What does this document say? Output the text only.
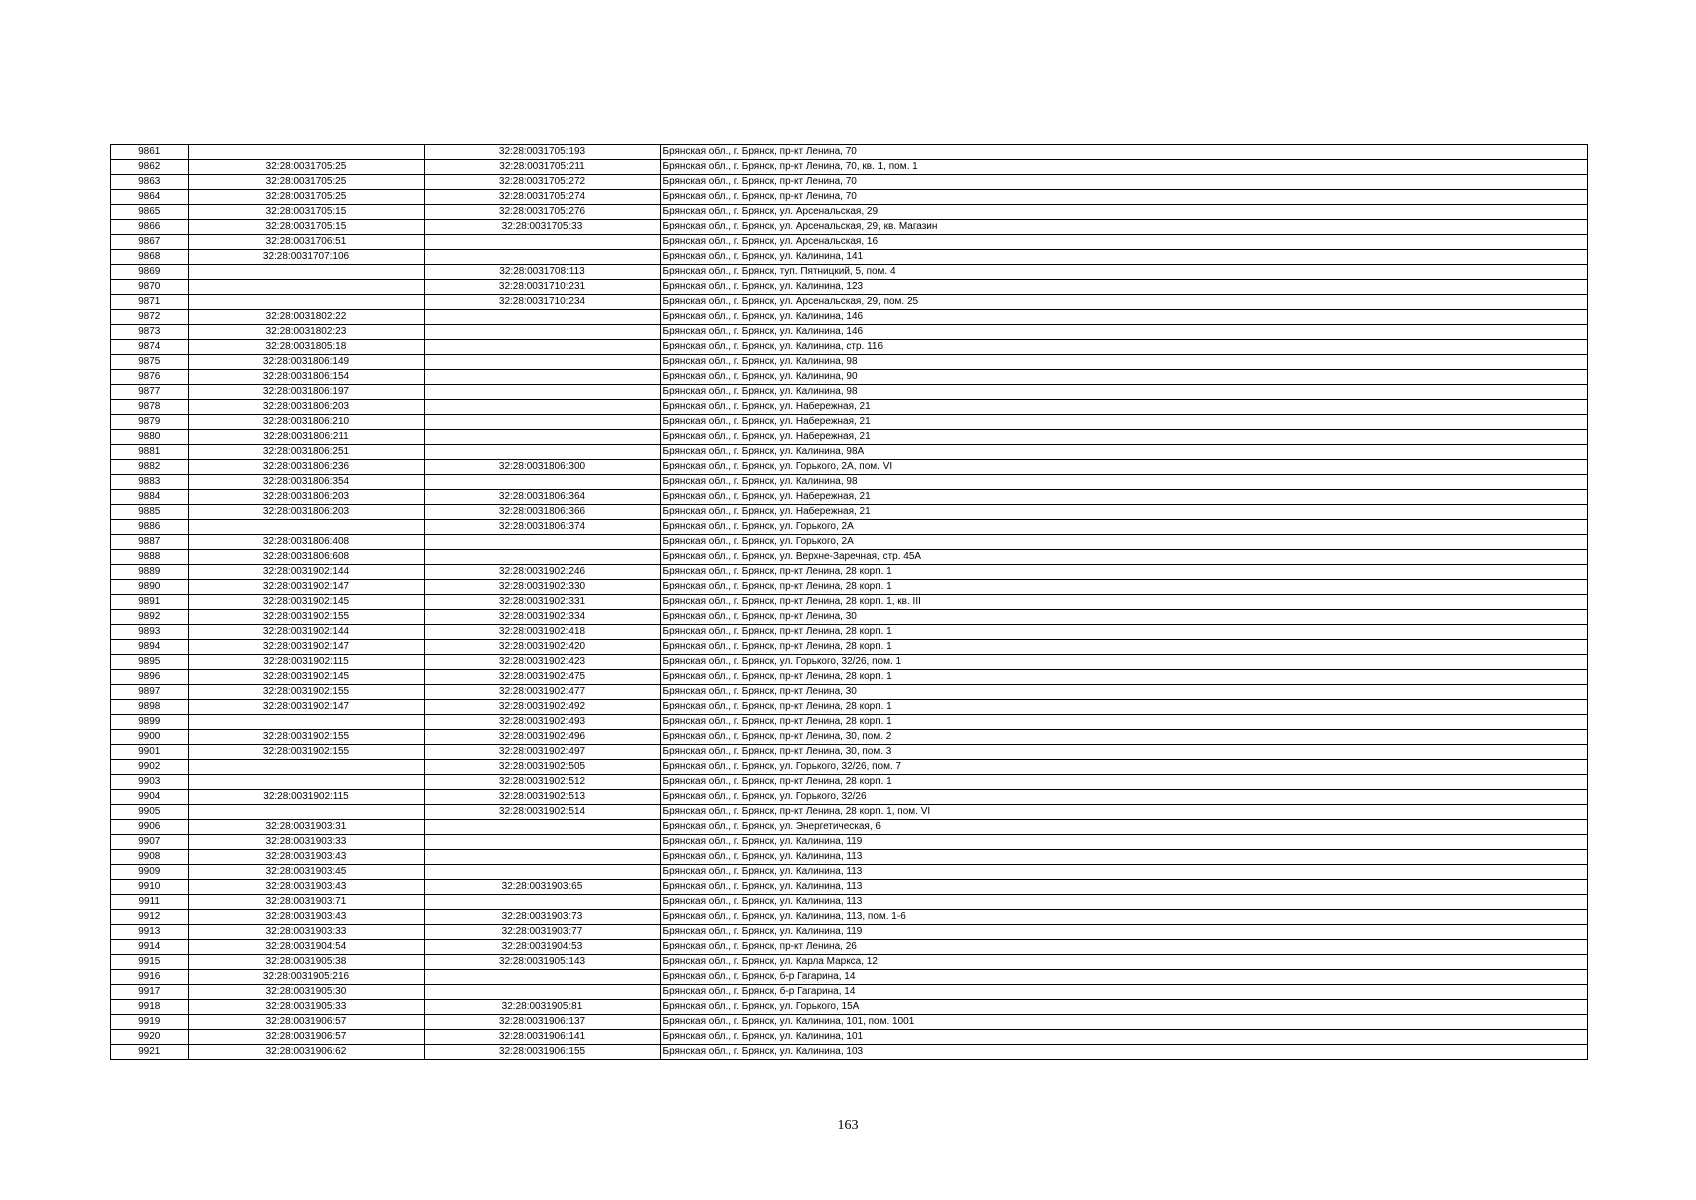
9861		32:28:0031705:193	Брянская обл., г. Брянск, пр-кт Ленина, 70
9862	32:28:0031705:25	32:28:0031705:211	Брянская обл., г. Брянск, пр-кт Ленина, 70, кв. 1, пом. 1
9863	32:28:0031705:25	32:28:0031705:272	Брянская обл., г. Брянск, пр-кт Ленина, 70
9864	32:28:0031705:25	32:28:0031705:274	Брянская обл., г. Брянск, пр-кт Ленина, 70
9865	32:28:0031705:15	32:28:0031705:276	Брянская обл., г. Брянск, ул. Арсенальская, 29
9866	32:28:0031705:15	32:28:0031705:33	Брянская обл., г. Брянск, ул. Арсенальская, 29, кв. Магазин
9867	32:28:0031706:51		Брянская обл., г. Брянск, ул. Арсенальская, 16
9868	32:28:0031707:106		Брянская обл., г. Брянск, ул. Калинина, 141
9869		32:28:0031708:113	Брянская обл., г. Брянск, туп. Пятницкий, 5, пом. 4
9870		32:28:0031710:231	Брянская обл., г. Брянск, ул. Калинина, 123
9871		32:28:0031710:234	Брянская обл., г. Брянск, ул. Арсенальская, 29, пом. 25
9872	32:28:0031802:22		Брянская обл., г. Брянск, ул. Калинина, 146
9873	32:28:0031802:23		Брянская обл., г. Брянск, ул. Калинина, 146
9874	32:28:0031805:18		Брянская обл., г. Брянск, ул. Калинина, стр. 116
9875	32:28:0031806:149		Брянская обл., г. Брянск, ул. Калинина, 98
9876	32:28:0031806:154		Брянская обл., г. Брянск, ул. Калинина, 90
9877	32:28:0031806:197		Брянская обл., г. Брянск, ул. Калинина, 98
9878	32:28:0031806:203		Брянская обл., г. Брянск, ул. Набережная, 21
9879	32:28:0031806:210		Брянская обл., г. Брянск, ул. Набережная, 21
9880	32:28:0031806:211		Брянская обл., г. Брянск, ул. Набережная, 21
9881	32:28:0031806:251		Брянская обл., г. Брянск, ул. Калинина, 98А
9882	32:28:0031806:236	32:28:0031806:300	Брянская обл., г. Брянск, ул. Горького, 2А, пом. VI
9883	32:28:0031806:354		Брянская обл., г. Брянск, ул. Калинина, 98
9884	32:28:0031806:203	32:28:0031806:364	Брянская обл., г. Брянск, ул. Набережная, 21
9885	32:28:0031806:203	32:28:0031806:366	Брянская обл., г. Брянск, ул. Набережная, 21
9886		32:28:0031806:374	Брянская обл., г. Брянск, ул. Горького, 2А
9887	32:28:0031806:408		Брянская обл., г. Брянск, ул. Горького, 2А
9888	32:28:0031806:608		Брянская обл., г. Брянск, ул. Верхне-Заречная, стр. 45А
9889	32:28:0031902:144	32:28:0031902:246	Брянская обл., г. Брянск, пр-кт Ленина, 28 корп. 1
9890	32:28:0031902:147	32:28:0031902:330	Брянская обл., г. Брянск, пр-кт Ленина, 28 корп. 1
9891	32:28:0031902:145	32:28:0031902:331	Брянская обл., г. Брянск, пр-кт Ленина, 28 корп. 1, кв. III
9892	32:28:0031902:155	32:28:0031902:334	Брянская обл., г. Брянск, пр-кт Ленина, 30
9893	32:28:0031902:144	32:28:0031902:418	Брянская обл., г. Брянск, пр-кт Ленина, 28 корп. 1
9894	32:28:0031902:147	32:28:0031902:420	Брянская обл., г. Брянск, пр-кт Ленина, 28 корп. 1
9895	32:28:0031902:115	32:28:0031902:423	Брянская обл., г. Брянск, ул. Горького, 32/26, пом. 1
9896	32:28:0031902:145	32:28:0031902:475	Брянская обл., г. Брянск, пр-кт Ленина, 28 корп. 1
9897	32:28:0031902:155	32:28:0031902:477	Брянская обл., г. Брянск, пр-кт Ленина, 30
9898	32:28:0031902:147	32:28:0031902:492	Брянская обл., г. Брянск, пр-кт Ленина, 28 корп. 1
9899		32:28:0031902:493	Брянская обл., г. Брянск, пр-кт Ленина, 28 корп. 1
9900	32:28:0031902:155	32:28:0031902:496	Брянская обл., г. Брянск, пр-кт Ленина, 30, пом. 2
9901	32:28:0031902:155	32:28:0031902:497	Брянская обл., г. Брянск, пр-кт Ленина, 30, пом. 3
9902		32:28:0031902:505	Брянская обл., г. Брянск, ул. Горького, 32/26, пом. 7
9903		32:28:0031902:512	Брянская обл., г. Брянск, пр-кт Ленина, 28 корп. 1
9904	32:28:0031902:115	32:28:0031902:513	Брянская обл., г. Брянск, ул. Горького, 32/26
9905		32:28:0031902:514	Брянская обл., г. Брянск, пр-кт Ленина, 28 корп. 1, пом. VI
9906	32:28:0031903:31		Брянская обл., г. Брянск, ул. Энергетическая, 6
9907	32:28:0031903:33		Брянская обл., г. Брянск, ул. Калинина, 119
9908	32:28:0031903:43		Брянская обл., г. Брянск, ул. Калинина, 113
9909	32:28:0031903:45		Брянская обл., г. Брянск, ул. Калинина, 113
9910	32:28:0031903:43	32:28:0031903:65	Брянская обл., г. Брянск, ул. Калинина, 113
9911	32:28:0031903:71		Брянская обл., г. Брянск, ул. Калинина, 113
9912	32:28:0031903:43	32:28:0031903:73	Брянская обл., г. Брянск, ул. Калинина, 113, пом. 1-6
9913	32:28:0031903:33	32:28:0031903:77	Брянская обл., г. Брянск, ул. Калинина, 119
9914	32:28:0031904:54	32:28:0031904:53	Брянская обл., г. Брянск, пр-кт Ленина, 26
9915	32:28:0031905:38	32:28:0031905:143	Брянская обл., г. Брянск, ул. Карла Маркса, 12
9916	32:28:0031905:216		Брянская обл., г. Брянск, б-р Гагарина, 14
9917	32:28:0031905:30		Брянская обл., г. Брянск, б-р Гагарина, 14
9918	32:28:0031905:33	32:28:0031905:81	Брянская обл., г. Брянск, ул. Горького, 15А
9919	32:28:0031906:57	32:28:0031906:137	Брянская обл., г. Брянск, ул. Калинина, 101, пом. 1001
9920	32:28:0031906:57	32:28:0031906:141	Брянская обл., г. Брянск, ул. Калинина, 101
9921	32:28:0031906:62	32:28:0031906:155	Брянская обл., г. Брянск, ул. Калинина, 103
163
